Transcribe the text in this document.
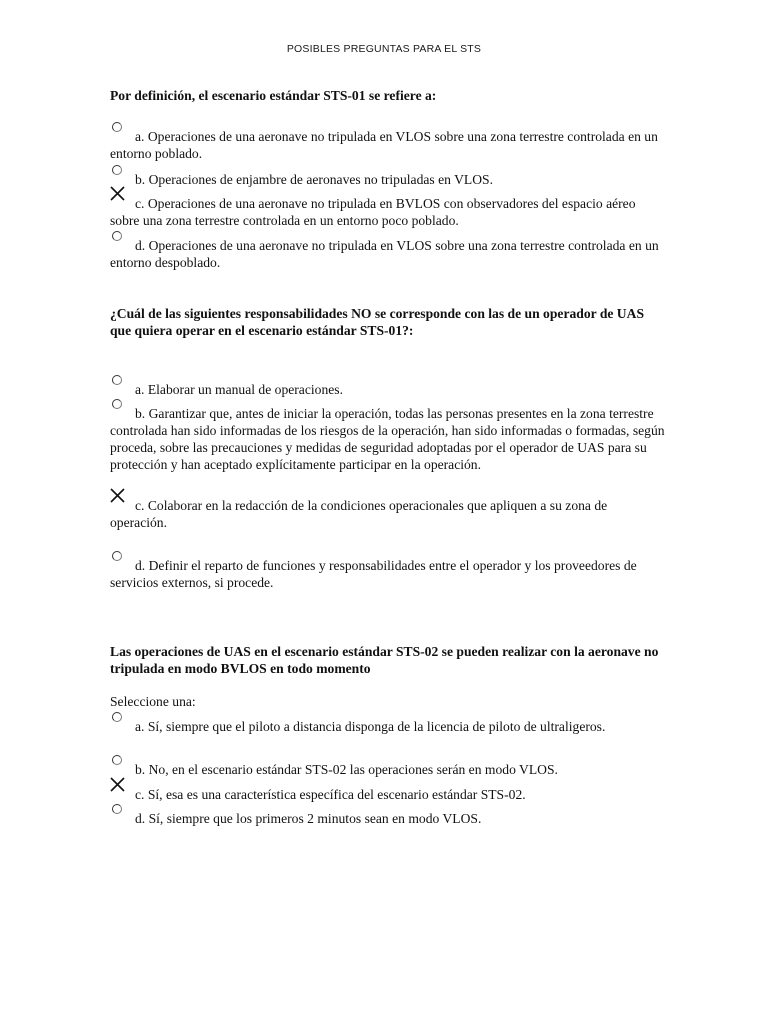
POSIBLES PREGUNTAS PARA EL STS
Por definición, el escenario estándar STS-01 se refiere a:
a. Operaciones de una aeronave no tripulada en VLOS sobre una zona terrestre controlada en un entorno poblado.
b. Operaciones de enjambre de aeronaves no tripuladas en VLOS.
c. Operaciones de una aeronave no tripulada en BVLOS con observadores del espacio aéreo sobre una zona terrestre controlada en un entorno poco poblado.
d. Operaciones de una aeronave no tripulada en VLOS sobre una zona terrestre controlada en un entorno despoblado.
¿Cuál de las siguientes responsabilidades NO se corresponde con las de un operador de UAS que quiera operar en el escenario estándar STS-01?:
a. Elaborar un manual de operaciones.
b. Garantizar que, antes de iniciar la operación, todas las personas presentes en la zona terrestre controlada han sido informadas de los riesgos de la operación, han sido informadas o formadas, según proceda, sobre las precauciones y medidas de seguridad adoptadas por el operador de UAS para su protección y han aceptado explícitamente participar en la operación.
c. Colaborar en la redacción de la condiciones operacionales que apliquen a su zona de operación.
d. Definir el reparto de funciones y responsabilidades entre el operador y los proveedores de servicios externos, si procede.
Las operaciones de UAS en el escenario estándar STS-02 se pueden realizar con la aeronave no tripulada en modo BVLOS en todo momento
Seleccione una:
a. Sí, siempre que el piloto a distancia disponga de la licencia de piloto de ultraligeros.
b. No, en el escenario estándar STS-02 las operaciones serán en modo VLOS.
c. Sí, esa es una característica específica del escenario estándar STS-02.
d. Sí, siempre que los primeros 2 minutos sean en modo VLOS.
